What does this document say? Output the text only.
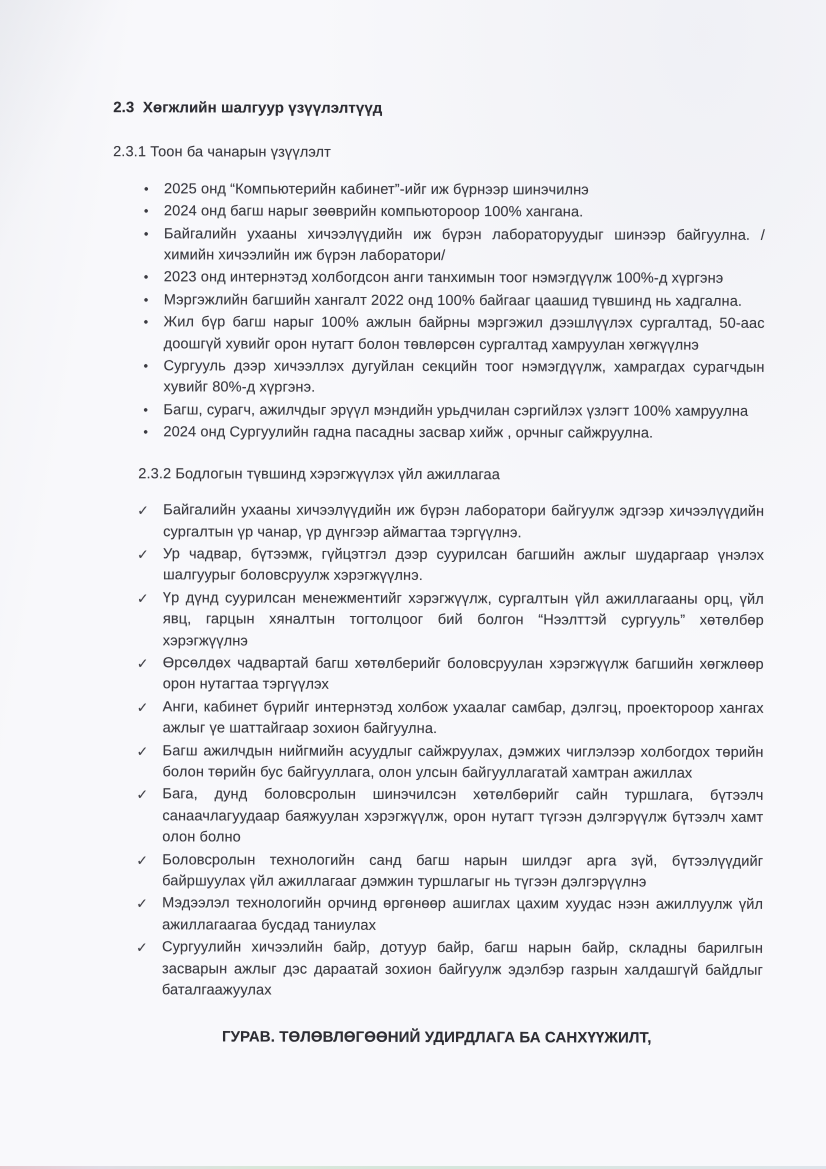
2.3  Хөгжлийн шалгуур үзүүлэлтүүд
2.3.1 Тоон ба чанарын үзүүлэлт
• 2025 онд “Компьютерийн кабинет”-ийг иж бүрнээр шинэчилнэ
• 2024 онд багш нарыг зөөврийн компьютороор 100% хангана.
• Байгалийн ухааны хичээлүүдийн иж бүрэн лабораторуудыг шинээр байгуулна. / химийн хичээлийн иж бүрэн лаборатори/
• 2023 онд интернэтэд холбогдсон анги танхимын тоог нэмэгдүүлж 100%-д хүргэнэ
• Мэргэжлийн багшийн хангалт 2022 онд 100% байгааг цаашид түвшинд нь хадгална.
• Жил бүр багш нарыг 100% ажлын байрны мэргэжил дээшлүүлэх сургалтад, 50-аас доошгүй хувийг орон нутагт болон төвлөрсөн сургалтад хамруулан хөгжүүлнэ
• Сургууль дээр хичээллэх дугуйлан секцийн тоог нэмэгдүүлж, хамрагдах сурагчдын хувийг 80%-д хүргэнэ.
• Багш, сурагч, ажилчдыг эрүүл мэндийн урьдчилан сэргийлэх үзлэгт 100% хамруулна
• 2024 онд Сургуулийн гадна пасадны засвар хийж , орчныг сайжруулна.
2.3.2 Бодлогын түвшинд хэрэгжүүлэх үйл ажиллагаа
✓ Байгалийн ухааны хичээлүүдийн иж бүрэн лаборатори байгуулж эдгээр хичээлүүдийн сургалтын үр чанар, үр дүнгээр аймагтаа тэргүүлнэ.
✓ Ур чадвар, бүтээмж, гүйцэтгэл дээр суурилсан багшийн ажлыг шударгаар үнэлэх шалгуурыг боловсруулж хэрэгжүүлнэ.
✓ Үр дүнд суурилсан менежментийг хэрэгжүүлж, сургалтын үйл ажиллагааны орц, үйл явц, гарцын хяналтын тогтолцоог бий болгон “Нээлттэй сургууль” хөтөлбөр хэрэгжүүлнэ
✓ Өрсөлдөх чадвартай багш хөтөлберийг боловсруулан хэрэгжүүлж багшийн хөгжлөөр орон нутагтаа тэргүүлэх
✓ Анги, кабинет бүрийг интернэтэд холбож ухаалаг самбар, дэлгэц, проектороор хангах ажлыг үе шаттайгаар зохион байгуулна.
✓ Багш ажилчдын нийгмийн асуудлыг сайжруулах, дэмжих чиглэлээр холбогдох төрийн болон төрийн бус байгууллага, олон улсын байгууллагатай хамтран ажиллах
✓ Бага, дунд боловсролын шинэчилсэн хөтөлбөрийг сайн туршлага, бүтээлч санаачлагуудаар баяжуулан хэрэгжүүлж, орон нутагт түгээн дэлгэрүүлж бүтээлч хамт олон болно
✓ Боловсролын технологийн санд багш нарын шилдэг арга зүй, бүтээлүүдийг байршуулах үйл ажиллагааг дэмжин туршлагыг нь түгээн дэлгэрүүлнэ
✓ Мэдээлэл технологийн орчинд өргөнөөр ашиглах цахим хуудас нээн ажиллуулж үйл ажиллагаагаа бусдад таниулах
✓ Сургуулийн хичээлийн байр, дотуур байр, багш нарын байр, складны барилгын засварын ажлыг дэс дараатай зохион байгуулж эдэлбэр газрын халдашгүй байдлыг баталгаажуулах
ГУРАВ. ТӨЛӨВЛӨГӨӨНИЙ УДИРДЛАГА БА САНХҮҮЖИЛТ,
